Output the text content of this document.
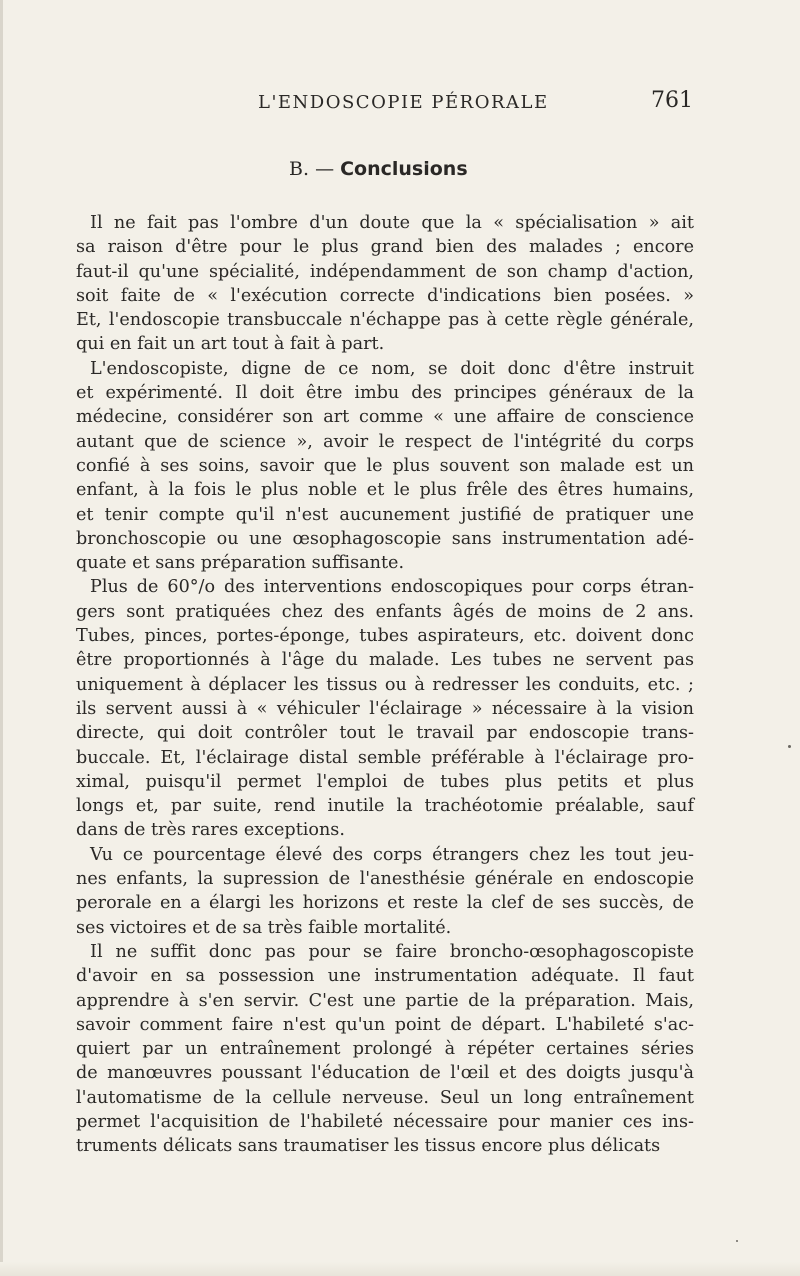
L'ENDOSCOPIE PÉRORALE	761
B. — Conclusions

Il ne fait pas l'ombre d'un doute que la « spécialisation » ait
sa raison d'être pour le plus grand bien des malades ; encore
faut-il qu'une spécialité, indépendamment de son champ d'action,
soit faite de « l'exécution correcte d'indications bien posées. »
Et, l'endoscopie transbuccale n'échappe pas à cette règle générale,
qui en fait un art tout à fait à part.

L'endoscopiste, digne de ce nom, se doit donc d'être instruit
et expérimenté. Il doit être imbu des principes généraux de la
médecine, considérer son art comme « une affaire de conscience
autant que de science », avoir le respect de l'intégrité du corps
confié à ses soins, savoir que le plus souvent son malade est un
enfant, à la fois le plus noble et le plus frêle des êtres humains,
et tenir compte qu'il n'est aucunement justifié de pratiquer une
bronchoscopie ou une œsophagoscopie sans instrumentation adé-
quate et sans préparation suffisante.

Plus de 60°/o des interventions endoscopiques pour corps étran-
gers sont pratiquées chez des enfants âgés de moins de 2 ans.
Tubes, pinces, portes-éponge, tubes aspirateurs, etc. doivent donc
être proportionnés à l'âge du malade. Les tubes ne servent pas
uniquement à déplacer les tissus ou à redresser les conduits, etc. ;
ils servent aussi à « véhiculer l'éclairage » nécessaire à la vision
directe, qui doit contrôler tout le travail par endoscopie trans-
buccale. Et, l'éclairage distal semble préférable à l'éclairage pro-
ximal, puisqu'il permet l'emploi de tubes plus petits et plus
longs et, par suite, rend inutile la trachéotomie préalable, sauf
dans de très rares exceptions.

Vu ce pourcentage élevé des corps étrangers chez les tout jeu-
nes enfants, la supression de l'anesthésie générale en endoscopie
perorale en a élargi les horizons et reste la clef de ses succès, de
ses victoires et de sa très faible mortalité.

Il ne suffit donc pas pour se faire broncho-œsophagoscopiste
d'avoir en sa possession une instrumentation adéquate. Il faut
apprendre à s'en servir. C'est une partie de la préparation. Mais,
savoir comment faire n'est qu'un point de départ. L'habileté s'ac-
quiert par un entraînement prolongé à répéter certaines séries
de manœuvres poussant l'éducation de l'œil et des doigts jusqu'à
l'automatisme de la cellule nerveuse. Seul un long entraînement
permet l'acquisition de l'habileté nécessaire pour manier ces ins-
truments délicats sans traumatiser les tissus encore plus délicats
